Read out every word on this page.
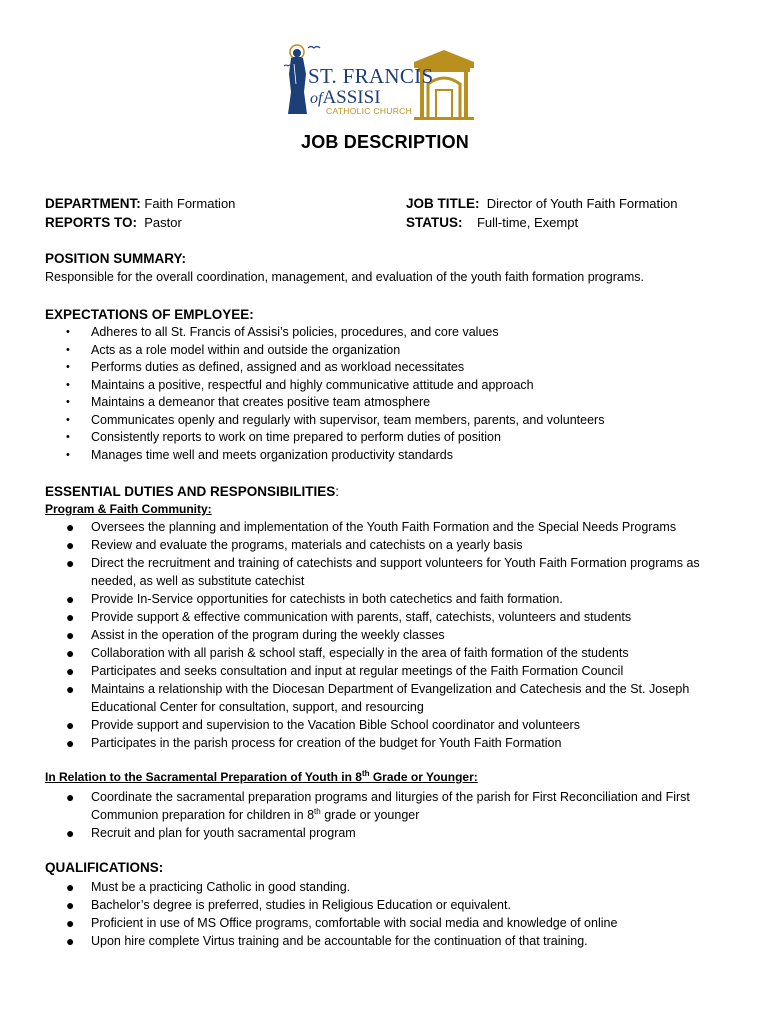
ST. FRANCIS
ofASSISI
CATHOLIC CHURCH
JOB DESCRIPTION
DEPARTMENT: Faith Formation
REPORTS TO: Pastor
JOB TITLE: Director of Youth Faith Formation
STATUS: Full-time, Exempt
POSITION SUMMARY:
Responsible for the overall coordination, management, and evaluation of the youth faith formation programs.
EXPECTATIONS OF EMPLOYEE:
• Adheres to all St. Francis of Assisi’s policies, procedures, and core values
• Acts as a role model within and outside the organization
• Performs duties as defined, assigned and as workload necessitates
• Maintains a positive, respectful and highly communicative attitude and approach
• Maintains a demeanor that creates positive team atmosphere
• Communicates openly and regularly with supervisor, team members, parents, and volunteers
• Consistently reports to work on time prepared to perform duties of position
• Manages time well and meets organization productivity standards
ESSENTIAL DUTIES AND RESPONSIBILITIES:
Program & Faith Community:
● Oversees the planning and implementation of the Youth Faith Formation and the Special Needs Programs
● Review and evaluate the programs, materials and catechists on a yearly basis
● Direct the recruitment and training of catechists and support volunteers for Youth Faith Formation programs as
needed, as well as substitute catechist
● Provide In-Service opportunities for catechists in both catechetics and faith formation.
● Provide support & effective communication with parents, staff, catechists, volunteers and students
● Assist in the operation of the program during the weekly classes
● Collaboration with all parish & school staff, especially in the area of faith formation of the students
● Participates and seeks consultation and input at regular meetings of the Faith Formation Council
● Maintains a relationship with the Diocesan Department of Evangelization and Catechesis and the St. Joseph
Educational Center for consultation, support, and resourcing
● Provide support and supervision to the Vacation Bible School coordinator and volunteers
● Participates in the parish process for creation of the budget for Youth Faith Formation
In Relation to the Sacramental Preparation of Youth in 8th Grade or Younger:
● Coordinate the sacramental preparation programs and liturgies of the parish for First Reconciliation and First
Communion preparation for children in 8th grade or younger
● Recruit and plan for youth sacramental program
QUALIFICATIONS:
● Must be a practicing Catholic in good standing.
● Bachelor’s degree is preferred, studies in Religious Education or equivalent.
● Proficient in use of MS Office programs, comfortable with social media and knowledge of online
● Upon hire complete Virtus training and be accountable for the continuation of that training.
